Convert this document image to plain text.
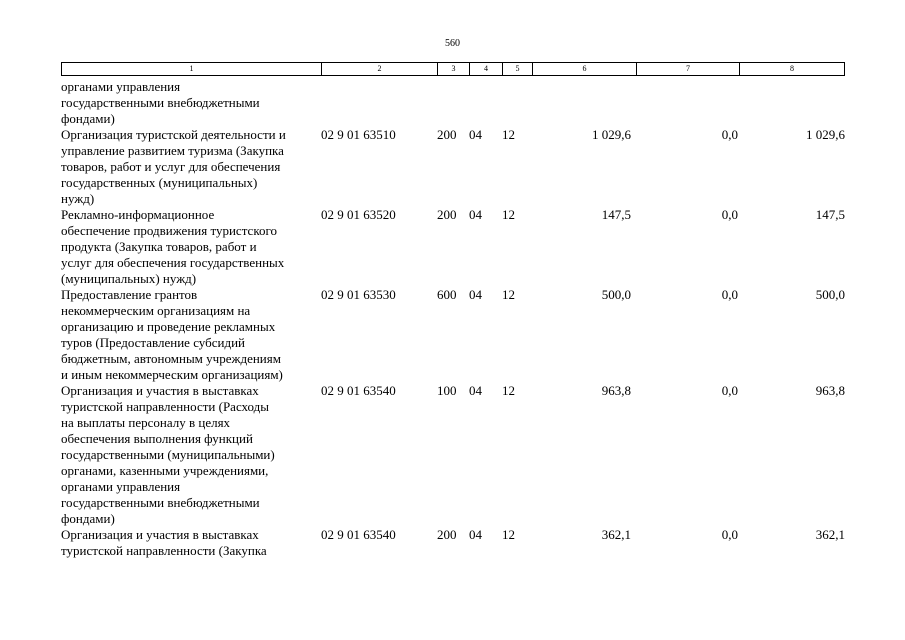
560
1	2	3	4	5	6	7	8
органами управления
государственными внебюджетными
фондами)
Организация туристской деятельности и
управление развитием туризма (Закупка
товаров, работ и услуг для обеспечения
государственных (муниципальных)
нужд)
02 9 01 63510	200 04 12	1 029,6	0,0	1 029,6
Рекламно-информационное
обеспечение продвижения туристского
продукта (Закупка товаров, работ и
услуг для обеспечения государственных
(муниципальных) нужд)
02 9 01 63520	200 04 12	147,5	0,0	147,5
Предоставление грантов
некоммерческим организациям на
организацию и проведение рекламных
туров (Предоставление субсидий
бюджетным, автономным учреждениям
и иным некоммерческим организациям)
02 9 01 63530	600 04 12	500,0	0,0	500,0
Организация и участия в выставках
туристской направленности (Расходы
на выплаты персоналу в целях
обеспечения выполнения функций
государственными (муниципальными)
органами, казенными учреждениями,
органами управления
государственными внебюджетными
фондами)
02 9 01 63540	100 04 12	963,8	0,0	963,8
Организация и участия в выставках
туристской направленности (Закупка
02 9 01 63540	200 04 12	362,1	0,0	362,1
